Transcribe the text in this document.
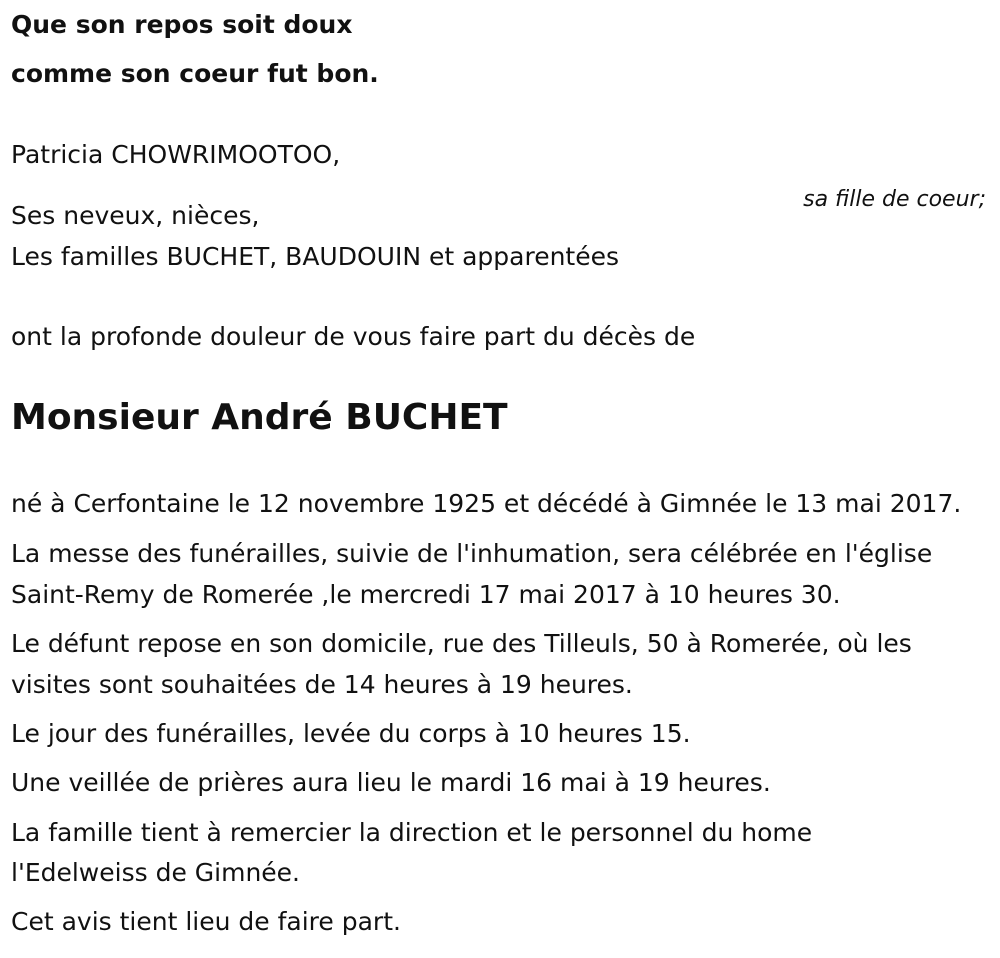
Que son repos soit doux

comme son coeur fut bon.

Patricia CHOWRIMOOTOO,

sa fille de coeur;

Ses neveux, nièces,

Les familles BUCHET, BAUDOUIN et apparentées

ont la profonde douleur de vous faire part du décès de

Monsieur André BUCHET

né à Cerfontaine le 12 novembre 1925 et décédé à Gimnée le 13 mai 2017.

La messe des funérailles, suivie de l'inhumation, sera célébrée en l'église

Saint-Remy de Romerée ,le mercredi 17 mai 2017 à 10 heures 30.

Le défunt repose en son domicile, rue des Tilleuls, 50 à Romerée, où les

visites sont souhaitées de 14 heures à 19 heures.

Le jour des funérailles, levée du corps à 10 heures 15.

Une veillée de prières aura lieu le mardi 16 mai à 19 heures.

La famille tient à remercier la direction et le personnel du home

l'Edelweiss de Gimnée.

Cet avis tient lieu de faire part.
